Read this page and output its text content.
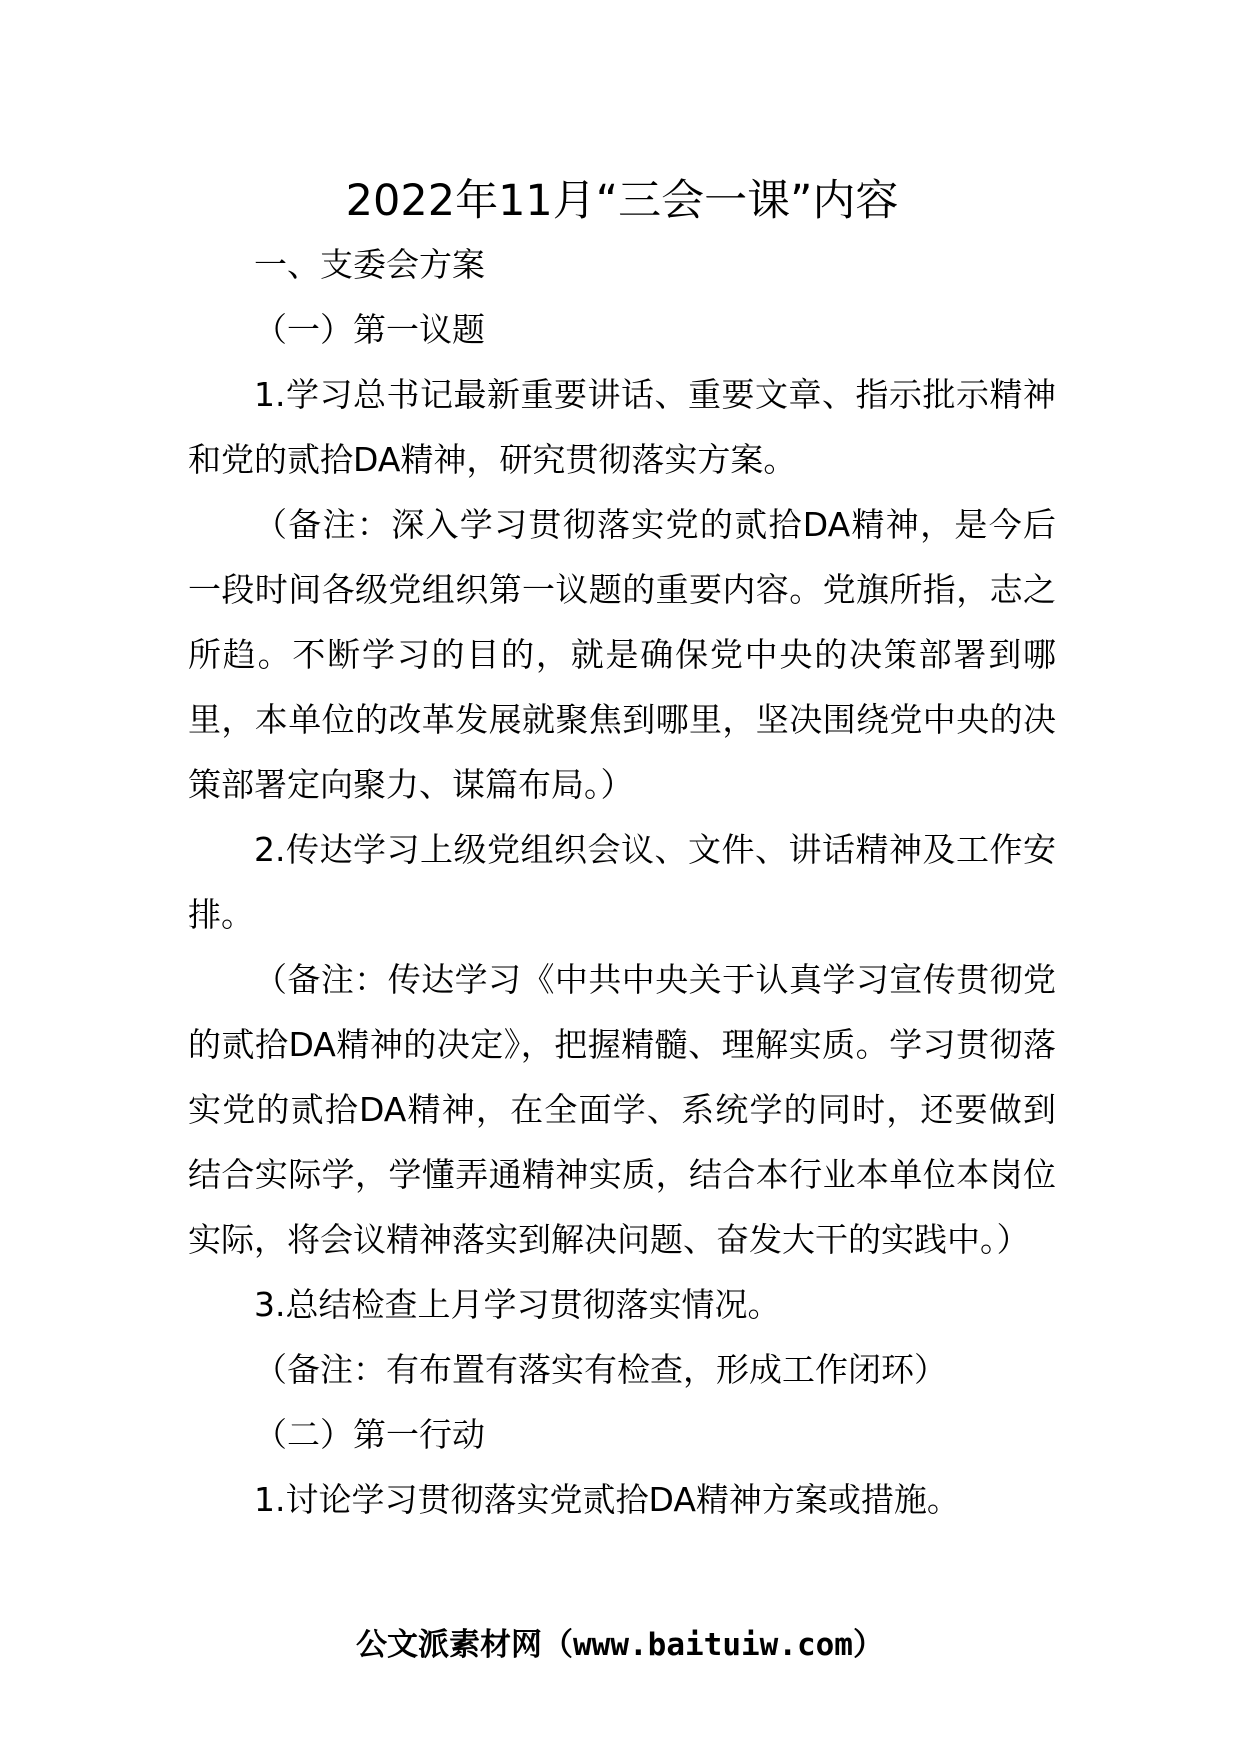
2022年11月“三会一课”内容

一、支委会方案

（一）第一议题

1.学习总书记最新重要讲话、重要文章、指示批示精神和党的贰拾DA精神，研究贯彻落实方案。

（备注：深入学习贯彻落实党的贰拾DA精神，是今后一段时间各级党组织第一议题的重要内容。党旗所指，志之所趋。不断学习的目的，就是确保党中央的决策部署到哪里，本单位的改革发展就聚焦到哪里，坚决围绕党中央的决策部署定向聚力、谋篇布局。）

2.传达学习上级党组织会议、文件、讲话精神及工作安排。

（备注：传达学习《中共中央关于认真学习宣传贯彻党的贰拾DA精神的决定》，把握精髓、理解实质。学习贯彻落实党的贰拾DA精神，在全面学、系统学的同时，还要做到结合实际学，学懂弄通精神实质，结合本行业本单位本岗位实际，将会议精神落实到解决问题、奋发大干的实践中。）

3.总结检查上月学习贯彻落实情况。

（备注：有布置有落实有检查，形成工作闭环）

（二）第一行动

1.讨论学习贯彻落实党贰拾DA精神方案或措施。

公文派素材网（www.baituiw.com）
